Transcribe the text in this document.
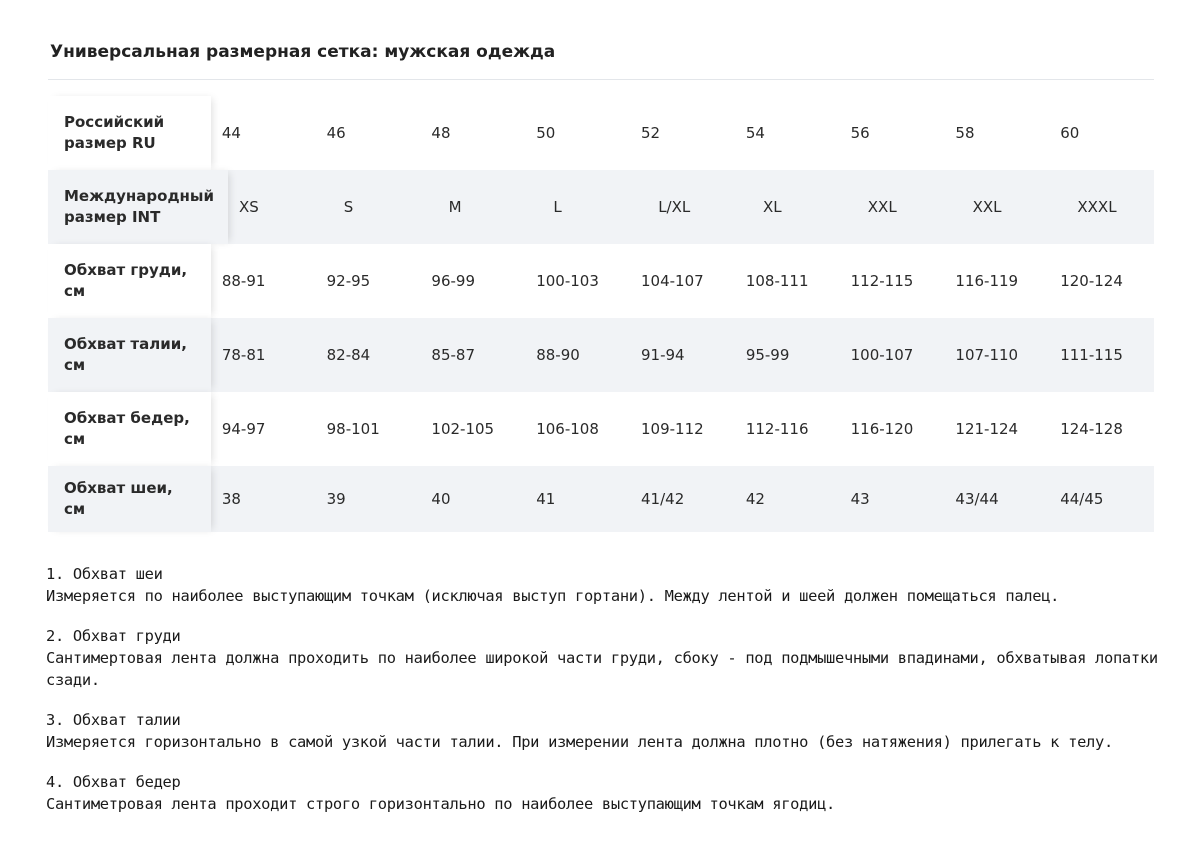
Универсальная размерная сетка: мужская одежда
Российский размер RU
44	46	48	50	52	54	56	58	60
Международный размер INT
XS	S	M	L	L/XL	XL	XXL	XXL	XXXL
Обхват груди, см
88-91	92-95	96-99	100-103	104-107	108-111	112-115	116-119	120-124
Обхват талии, см
78-81	82-84	85-87	88-90	91-94	95-99	100-107	107-110	111-115
Обхват бедер, см
94-97	98-101	102-105	106-108	109-112	112-116	116-120	121-124	124-128
Обхват шеи, см
38	39	40	41	41/42	42	43	43/44	44/45
1. Обхват шеи
Измеряется по наиболее выступающим точкам (исключая выступ гортани). Между лентой и шеей должен помещаться палец.
2. Обхват груди
Сантимертовая лента должна проходить по наиболее широкой части груди, сбоку - под подмышечными впадинами, обхватывая лопатки сзади.
3. Обхват талии
Измеряется горизонтально в самой узкой части талии. При измерении лента должна плотно (без натяжения) прилегать к телу.
4. Обхват бедер
Сантиметровая лента проходит строго горизонтально по наиболее выступающим точкам ягодиц.
